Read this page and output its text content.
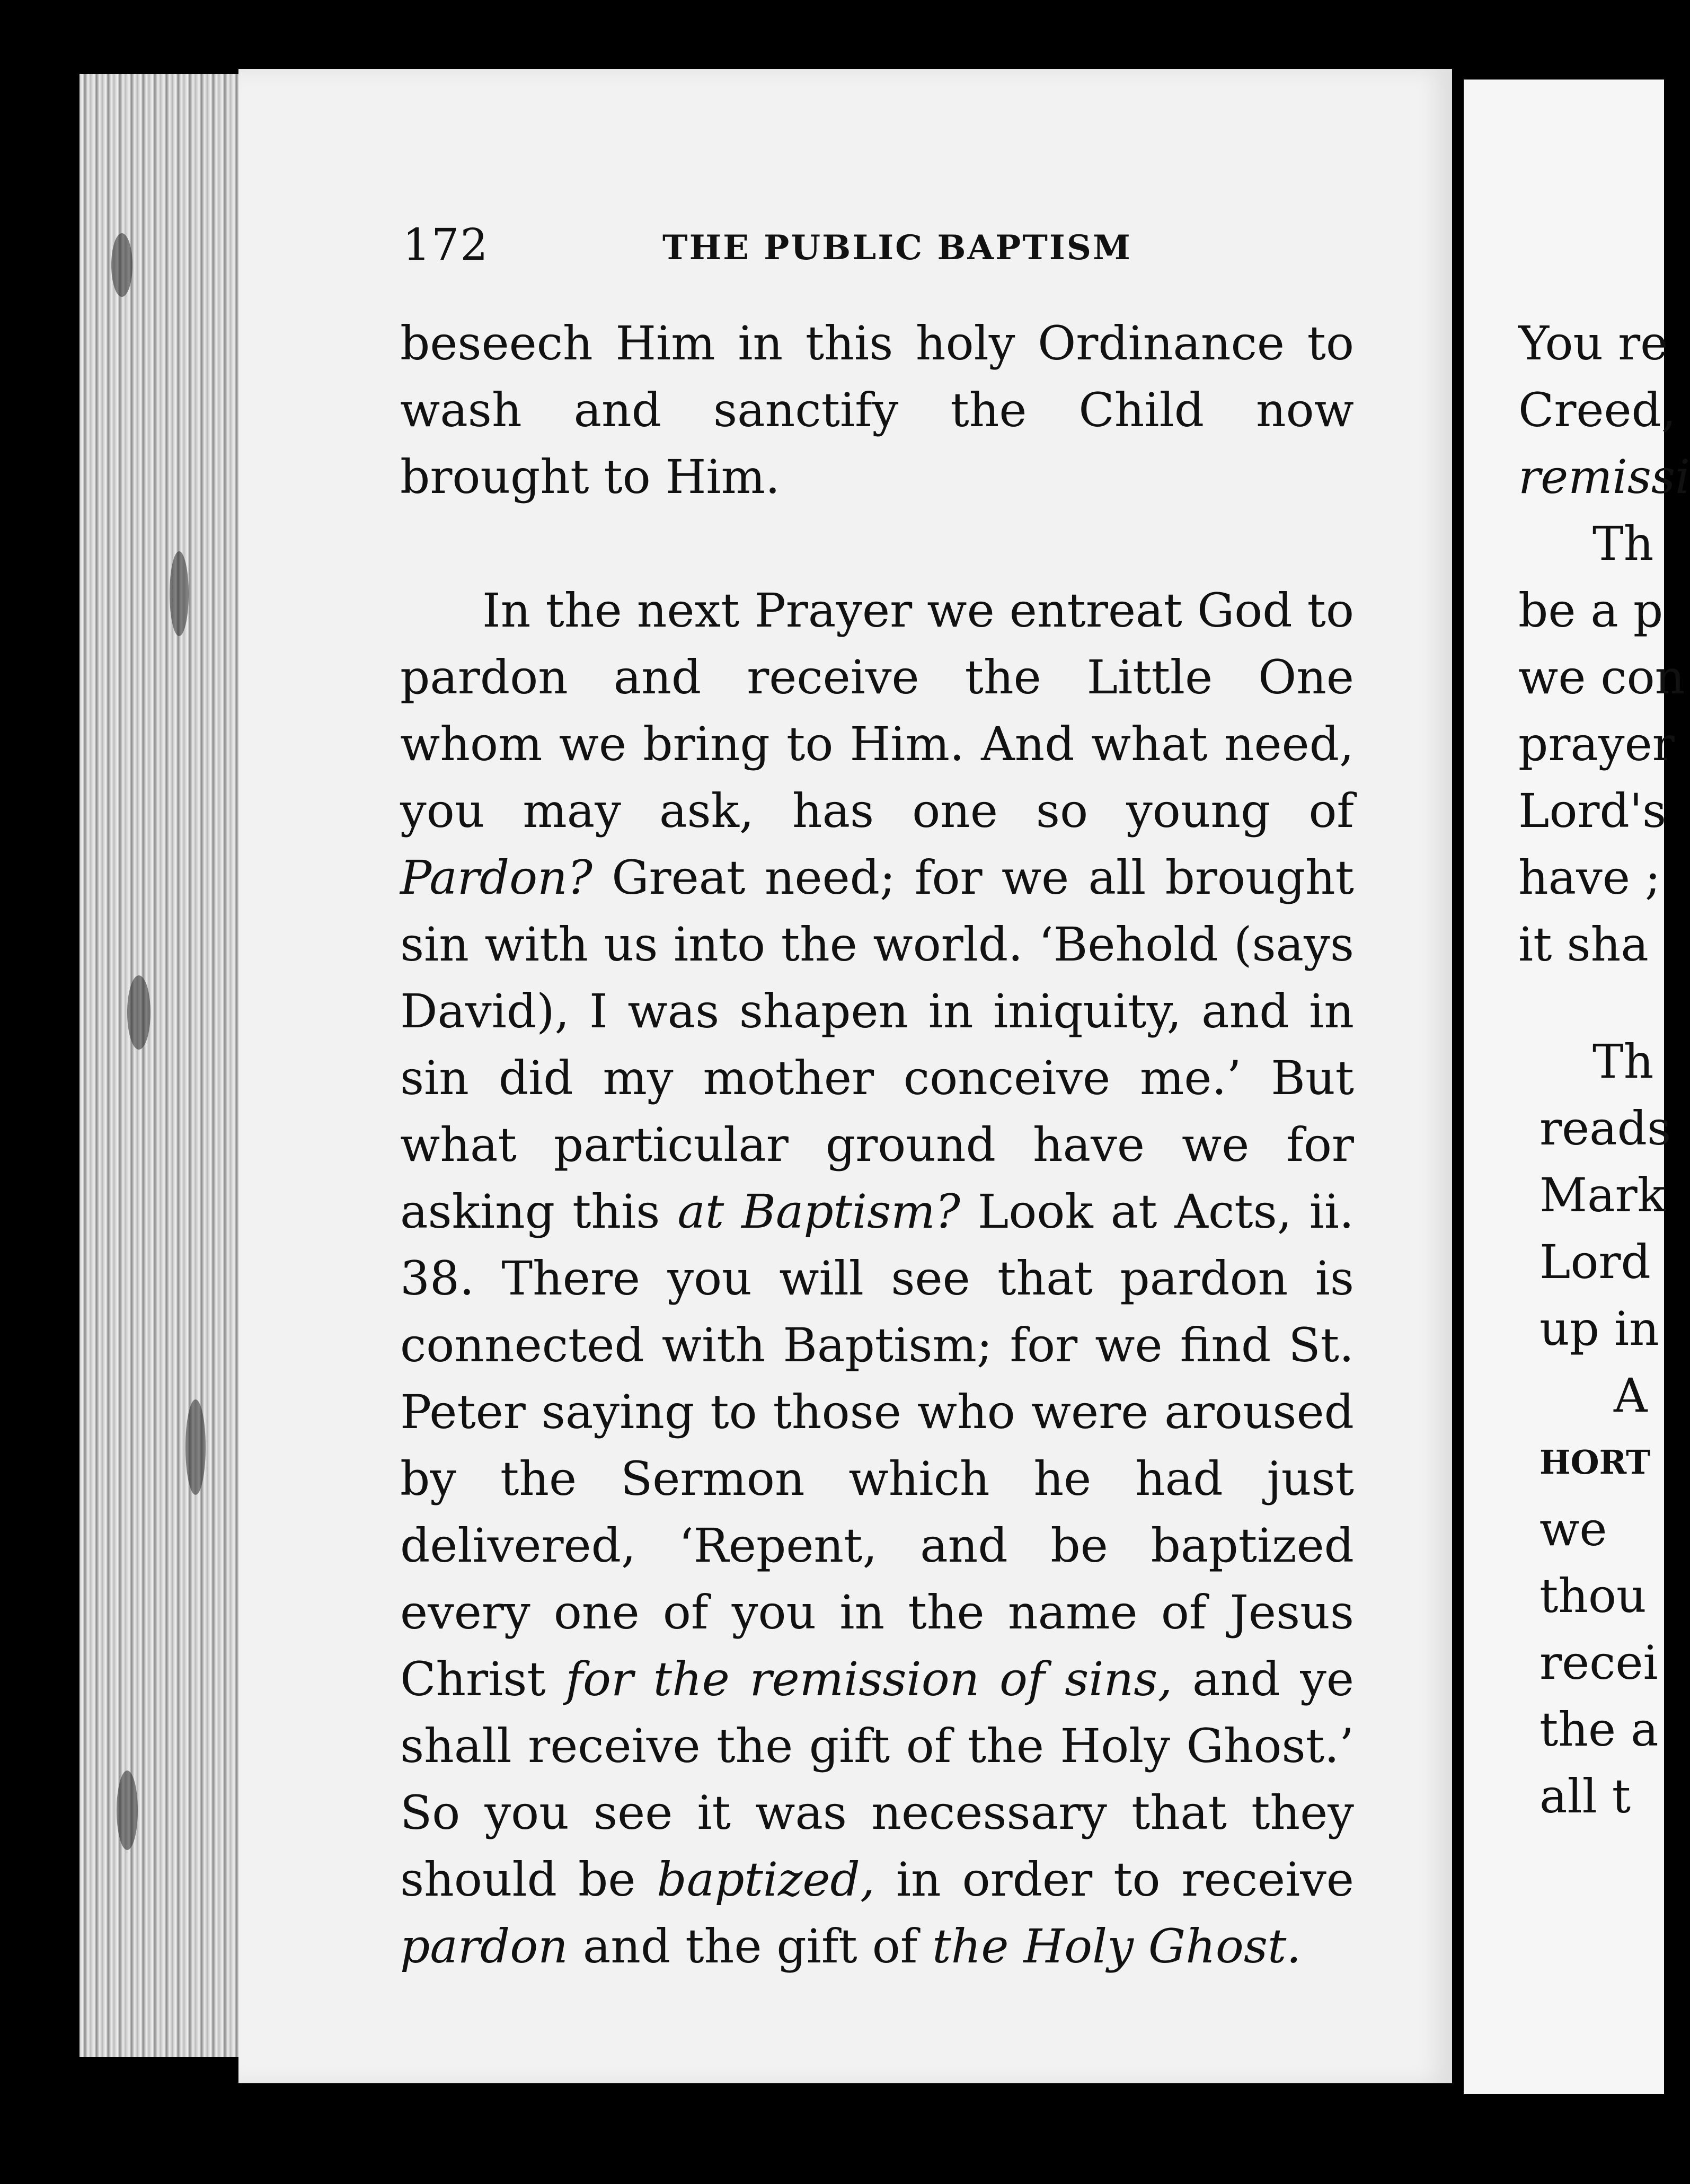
172	THE PUBLIC BAPTISM

beseech Him in this holy Ordinance to wash and sanctify the Child now brought to Him.

In the next Prayer we entreat God to pardon and receive the Little One whom we bring to Him. And what need, you may ask, has one so young of Pardon? Great need; for we all brought sin with us into the world. ‘Behold (says David), I was shapen in iniquity, and in sin did my mother conceive me.’ But what particular ground have we for asking this at Baptism? Look at Acts, ii. 38. There you will see that pardon is connected with Baptism; for we find St. Peter saying to those who were aroused by the Sermon which he had just delivered, ‘Repent, and be baptized every one of you in the name of Jesus Christ for the remission of sins, and ye shall receive the gift of the Holy Ghost.’ So you see it was necessary that they should be baptized, in order to receive pardon and the gift of the Holy Ghost.

You re
Creed,
remissi
Th
be a p
we con
prayer
Lord's
have ;
it sha
Th
reads
Mark
Lord
up in
A
HORT
we
thou
recei
the a
all t
